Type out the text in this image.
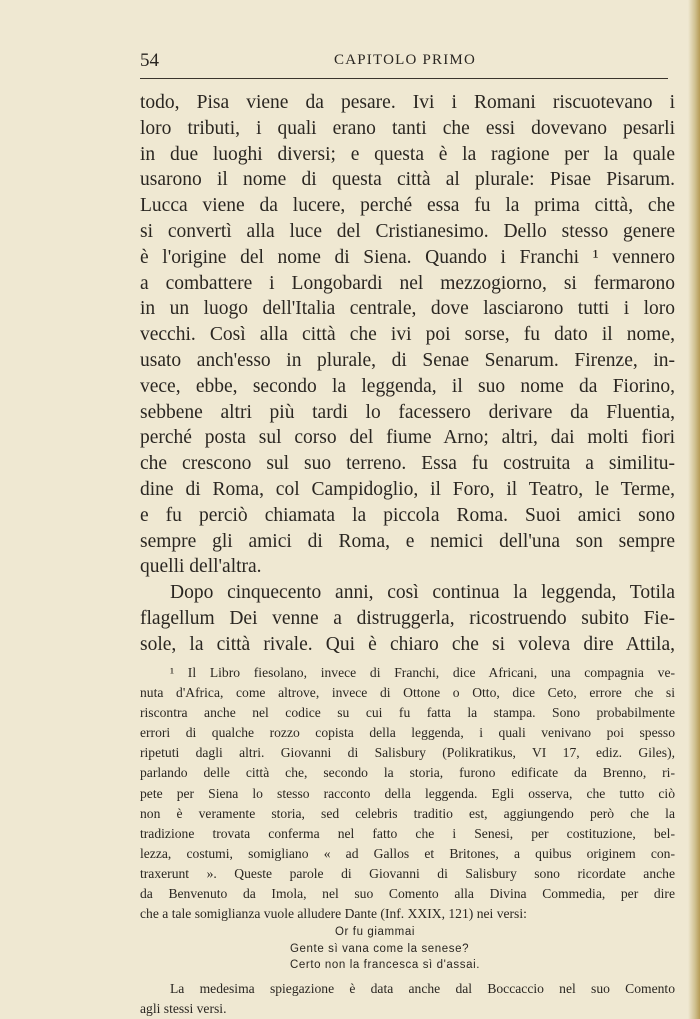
54	CAPITOLO PRIMO
todo, Pisa viene da pesare. Ivi i Romani riscuotevano i
loro tributi, i quali erano tanti che essi dovevano pesarli
in due luoghi diversi; e questa è la ragione per la quale
usarono il nome di questa città al plurale: Pisae Pisarum.
Lucca viene da lucere, perché essa fu la prima città, che
si convertì alla luce del Cristianesimo. Dello stesso genere
è l'origine del nome di Siena. Quando i Franchi ¹ vennero
a combattere i Longobardi nel mezzogiorno, si fermarono
in un luogo dell'Italia centrale, dove lasciarono tutti i loro
vecchi. Così alla città che ivi poi sorse, fu dato il nome,
usato anch'esso in plurale, di Senae Senarum. Firenze, in-
vece, ebbe, secondo la leggenda, il suo nome da Fiorino,
sebbene altri più tardi lo facessero derivare da Fluentia,
perché posta sul corso del fiume Arno; altri, dai molti fiori
che crescono sul suo terreno. Essa fu costruita a similitu-
dine di Roma, col Campidoglio, il Foro, il Teatro, le Terme,
e fu perciò chiamata la piccola Roma. Suoi amici sono
sempre gli amici di Roma, e nemici dell'una son sempre
quelli dell'altra.
Dopo cinquecento anni, così continua la leggenda, Totila
flagellum Dei venne a distruggerla, ricostruendo subito Fie-
sole, la città rivale. Qui è chiaro che si voleva dire Attila,
¹ Il Libro fiesolano, invece di Franchi, dice Africani, una compagnia ve-
nuta d'Africa, come altrove, invece di Ottone o Otto, dice Ceto, errore che si
riscontra anche nel codice su cui fu fatta la stampa. Sono probabilmente
errori di qualche rozzo copista della leggenda, i quali venivano poi spesso
ripetuti dagli altri. Giovanni di Salisbury (Polikratikus, VI 17, ediz. Giles),
parlando delle città che, secondo la storia, furono edificate da Brenno, ri-
pete per Siena lo stesso racconto della leggenda. Egli osserva, che tutto ciò
non è veramente storia, sed celebris traditio est, aggiungendo però che la
tradizione trovata conferma nel fatto che i Senesi, per costituzione, bel-
lezza, costumi, somigliano « ad Gallos et Britones, a quibus originem con-
traxerunt ». Queste parole di Giovanni di Salisbury sono ricordate anche
da Benvenuto da Imola, nel suo Comento alla Divina Commedia, per dire
che a tale somiglianza vuole alludere Dante (Inf. XXIX, 121) nei versi:
Or fu giammai
Gente sì vana come la senese?
Certo non la francesca sì d'assai.
La medesima spiegazione è data anche dal Boccaccio nel suo Comento
agli stessi versi.
